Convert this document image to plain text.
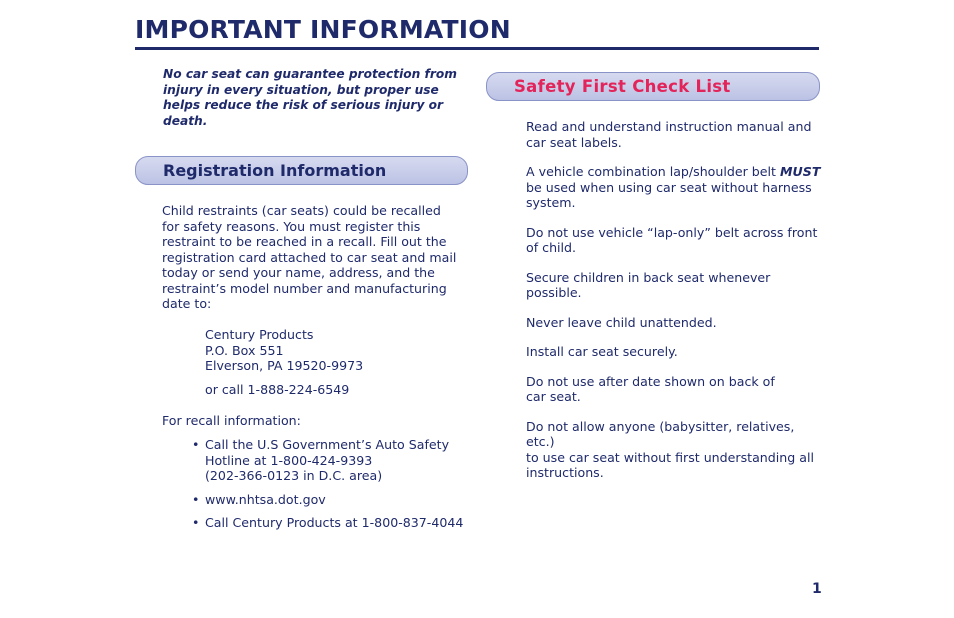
IMPORTANT INFORMATION
No car seat can guarantee protection from injury in every situation, but proper use helps reduce the risk of serious injury or death.
Registration Information
Child restraints (car seats) could be recalled for safety reasons. You must register this restraint to be reached in a recall. Fill out the registration card attached to car seat and mail today or send your name, address, and the restraint’s model number and manufacturing date to:
Century Products
P.O. Box 551
Elverson, PA 19520-9973
or call 1-888-224-6549
For recall information:
• Call the U.S Government’s Auto Safety
Hotline at 1-800-424-9393
(202-366-0123 in D.C. area)
• www.nhtsa.dot.gov
• Call Century Products at 1-800-837-4044
Safety First Check List
Read and understand instruction manual and
car seat labels.
A vehicle combination lap/shoulder belt MUST
be used when using car seat without harness
system.
Do not use vehicle “lap-only” belt across front
of child.
Secure children in back seat whenever possible.
Never leave child unattended.
Install car seat securely.
Do not use after date shown on back of
car seat.
Do not allow anyone (babysitter, relatives, etc.)
to use car seat without first understanding all
instructions.
1
